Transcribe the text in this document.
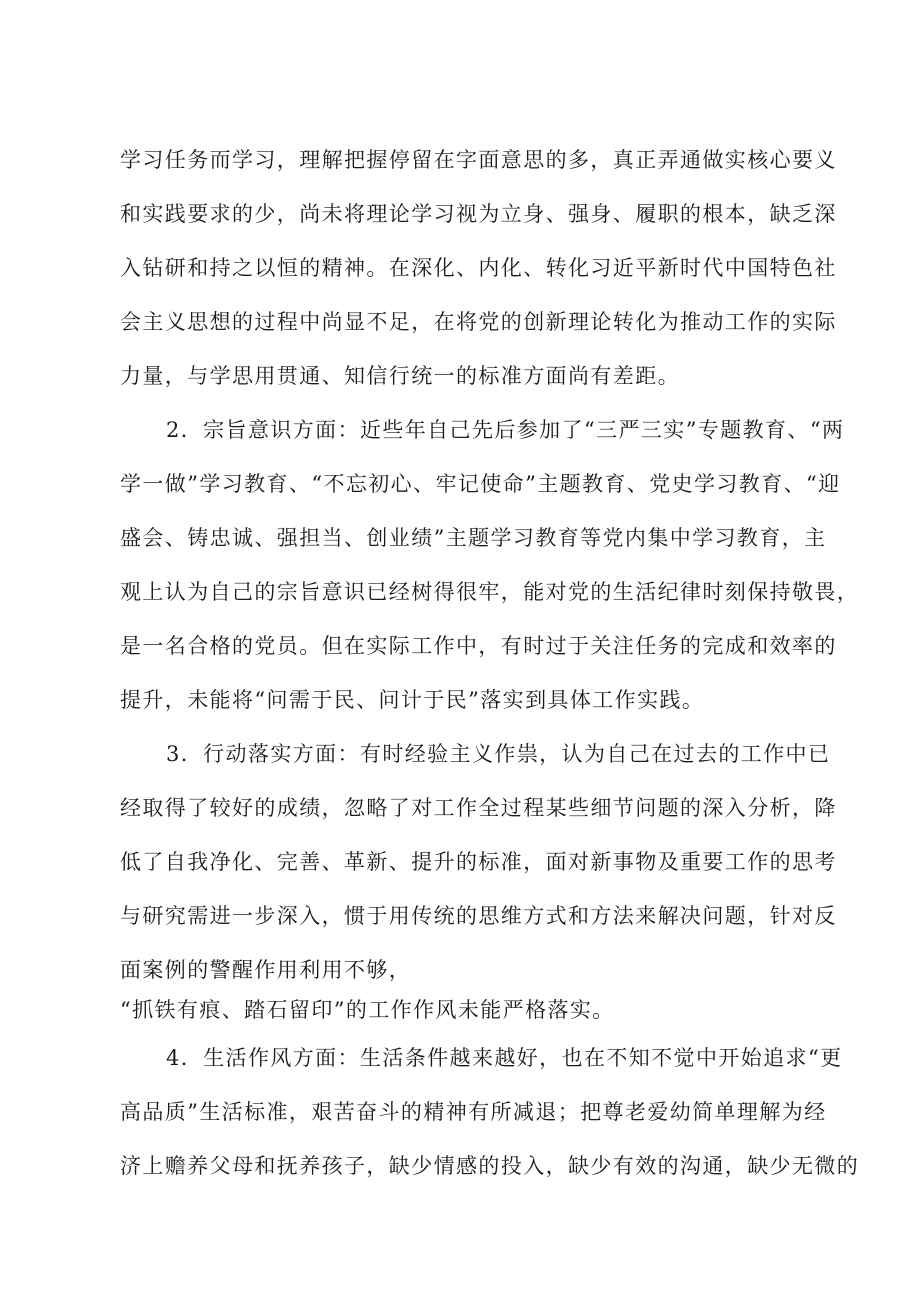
学习任务而学习，理解把握停留在字面意思的多，真正弄通做实核心要义
和实践要求的少，尚未将理论学习视为立身、强身、履职的根本，缺乏深
入钻研和持之以恒的精神。在深化、内化、转化习近平新时代中国特色社
会主义思想的过程中尚显不足，在将党的创新理论转化为推动工作的实际
力量，与学思用贯通、知信行统一的标准方面尚有差距。
2．宗旨意识方面：近些年自己先后参加了“三严三实”专题教育、“两
学一做”学习教育、“不忘初心、牢记使命”主题教育、党史学习教育、“迎
盛会、铸忠诚、强担当、创业绩”主题学习教育等党内集中学习教育，主
观上认为自己的宗旨意识已经树得很牢，能对党的生活纪律时刻保持敬畏，
是一名合格的党员。但在实际工作中，有时过于关注任务的完成和效率的
提升，未能将“问需于民、问计于民”落实到具体工作实践。
3．行动落实方面：有时经验主义作祟，认为自己在过去的工作中已
经取得了较好的成绩，忽略了对工作全过程某些细节问题的深入分析，降
低了自我净化、完善、革新、提升的标准，面对新事物及重要工作的思考
与研究需进一步深入，惯于用传统的思维方式和方法来解决问题，针对反
面案例的警醒作用利用不够，
“抓铁有痕、踏石留印”的工作作风未能严格落实。
4．生活作风方面：生活条件越来越好，也在不知不觉中开始追求“更
高品质”生活标准，艰苦奋斗的精神有所减退；把尊老爱幼简单理解为经
济上赡养父母和抚养孩子，缺少情感的投入，缺少有效的沟通，缺少无微的
